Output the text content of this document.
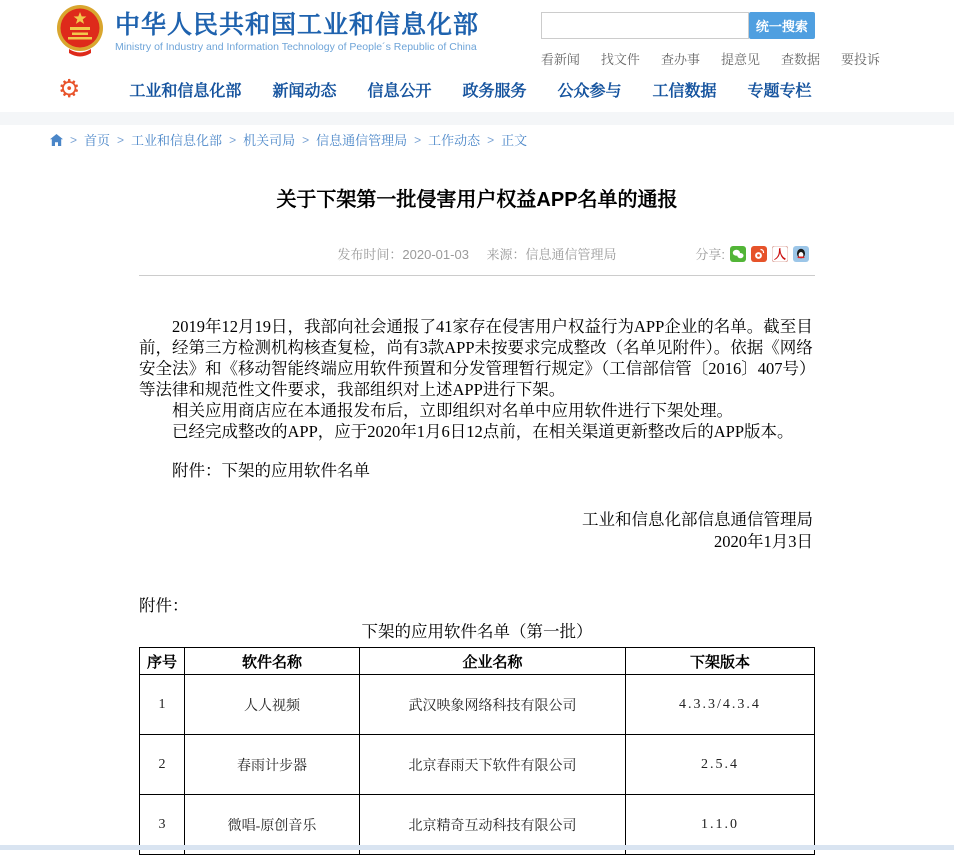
中华人民共和国工业和信息化部
Ministry of Industry and Information Technology of People´s Republic of China
统一搜索
看新闻 找文件 查办事 提意见 查数据 要投诉
⚙	工业和信息化部 新闻动态 信息公开 政务服务 公众参与 工信数据 专题专栏
> 首页 > 工业和信息化部 > 机关司局 > 信息通信管理局 > 工作动态 > 正文
关于下架第一批侵害用户权益APP名单的通报
发布时间：2020-01-03 来源：信息通信管理局	分享:	人

2019年12月19日，我部向社会通报了41家存在侵害用户权益行为APP企业的名单。截至目前，经第三方检测机构核查复检，尚有3款APP未按要求完成整改（名单见附件）。依据《网络安全法》和《移动智能终端应用软件预置和分发管理暂行规定》（工信部信管〔2016〕407号）等法律和规范性文件要求，我部组织对上述APP进行下架。

相关应用商店应在本通报发布后，立即组织对名单中应用软件进行下架处理。

已经完成整改的APP，应于2020年1月6日12点前，在相关渠道更新整改后的APP版本。

附件：下架的应用软件名单
工业和信息化部信息通信管理局
2020年1月3日
附件：
下架的应用软件名单（第一批）
序号	软件名称	企业名称	下架版本
1	人人视频	武汉映象网络科技有限公司	4.3.3/4.3.4
2	春雨计步器	北京春雨天下软件有限公司	2.5.4
3	微唱-原创音乐	北京精奇互动科技有限公司	1.1.0
